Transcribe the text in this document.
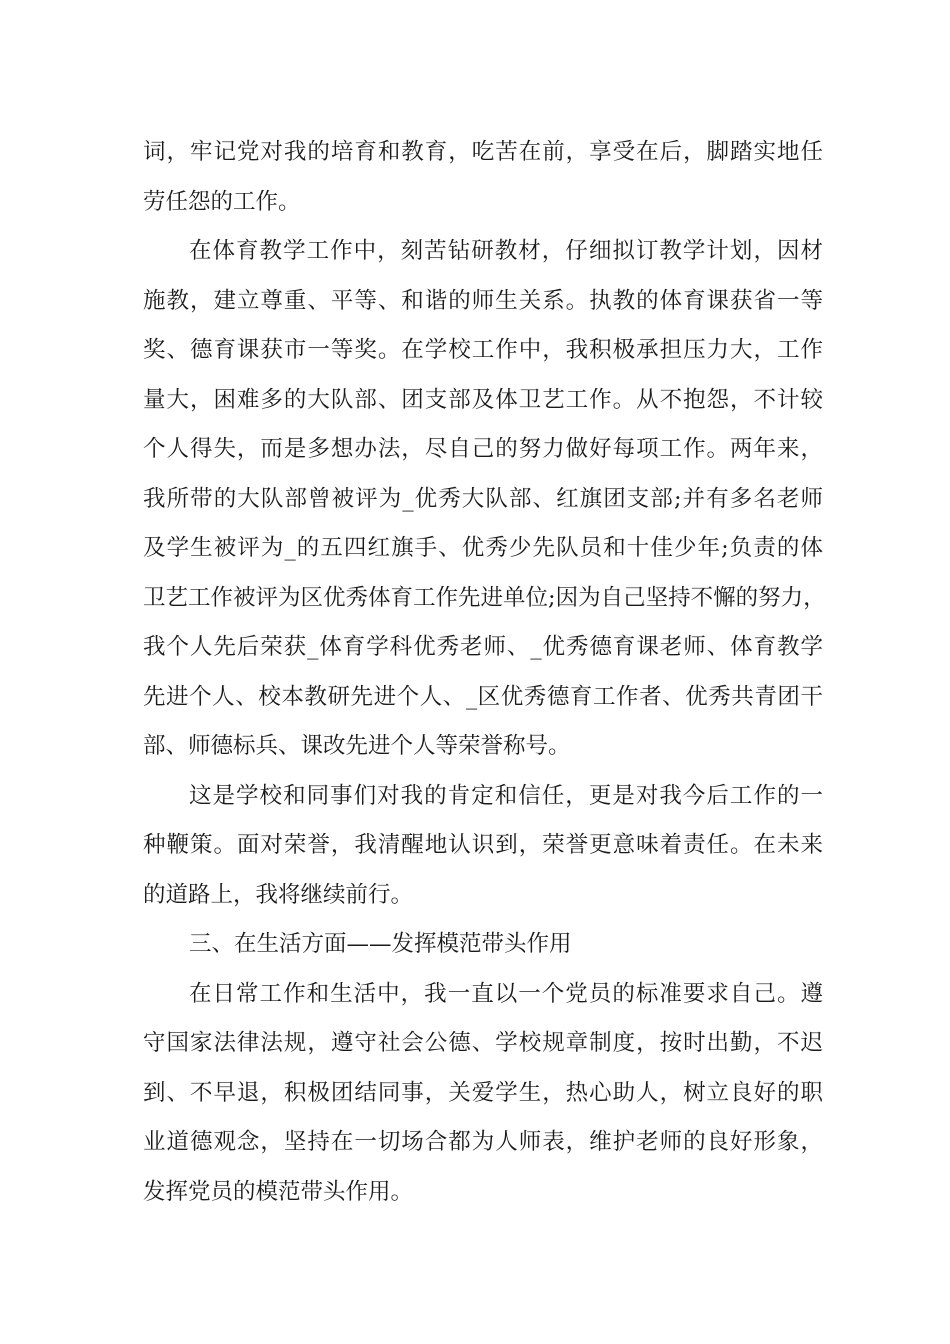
词，牢记党对我的培育和教育，吃苦在前，享受在后，脚踏实地任

劳任怨的工作。

在体育教学工作中，刻苦钻研教材，仔细拟订教学计划，因材

施教，建立尊重、平等、和谐的师生关系。执教的体育课获省一等

奖、德育课获市一等奖。在学校工作中，我积极承担压力大，工作

量大，困难多的大队部、团支部及体卫艺工作。从不抱怨，不计较

个人得失，而是多想办法，尽自己的努力做好每项工作。两年来，

我所带的大队部曾被评为_优秀大队部、红旗团支部;并有多名老师

及学生被评为_的五四红旗手、优秀少先队员和十佳少年;负责的体

卫艺工作被评为区优秀体育工作先进单位;因为自己坚持不懈的努力，

我个人先后荣获_体育学科优秀老师、_优秀德育课老师、体育教学

先进个人、校本教研先进个人、_区优秀德育工作者、优秀共青团干

部、师德标兵、课改先进个人等荣誉称号。

这是学校和同事们对我的肯定和信任，更是对我今后工作的一

种鞭策。面对荣誉，我清醒地认识到，荣誉更意味着责任。在未来

的道路上，我将继续前行。

三、在生活方面——发挥模范带头作用

在日常工作和生活中，我一直以一个党员的标准要求自己。遵

守国家法律法规，遵守社会公德、学校规章制度，按时出勤，不迟

到、不早退，积极团结同事，关爱学生，热心助人，树立良好的职

业道德观念，坚持在一切场合都为人师表，维护老师的良好形象，

发挥党员的模范带头作用。
